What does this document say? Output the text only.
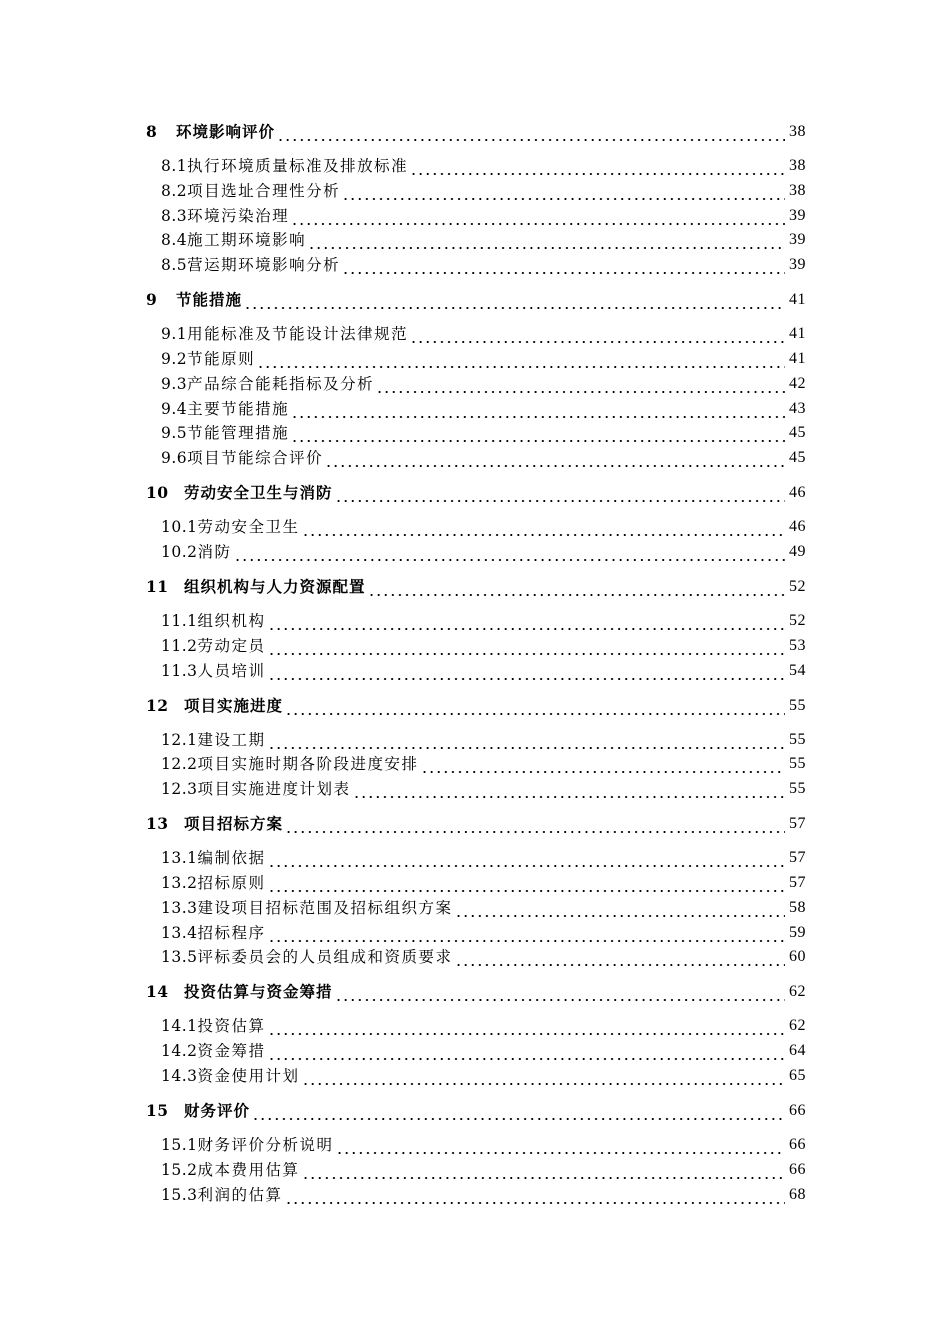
8	环境影响评价	38
8.1 执行环境质量标准及排放标准	38
8.2 项目选址合理性分析	38
8.3 环境污染治理	39
8.4 施工期环境影响	39
8.5 营运期环境影响分析	39
9	节能措施	41
9.1 用能标准及节能设计法律规范	41
9.2 节能原则	41
9.3 产品综合能耗指标及分析	42
9.4 主要节能措施	43
9.5 节能管理措施	45
9.6 项目节能综合评价	45
10 劳动安全卫生与消防	46
10.1 劳动安全卫生	46
10.2 消防	49
11 组织机构与人力资源配置	52
11.1 组织机构	52
11.2 劳动定员	53
11.3 人员培训	54
12 项目实施进度	55
12.1 建设工期	55
12.2 项目实施时期各阶段进度安排	55
12.3 项目实施进度计划表	55
13 项目招标方案	57
13.1 编制依据	57
13.2 招标原则	57
13.3 建设项目招标范围及招标组织方案	58
13.4 招标程序	59
13.5 评标委员会的人员组成和资质要求	60
14 投资估算与资金筹措	62
14.1 投资估算	62
14.2 资金筹措	64
14.3 资金使用计划	65
15 财务评价	66
15.1 财务评价分析说明	66
15.2 成本费用估算	66
15.3 利润的估算	68
